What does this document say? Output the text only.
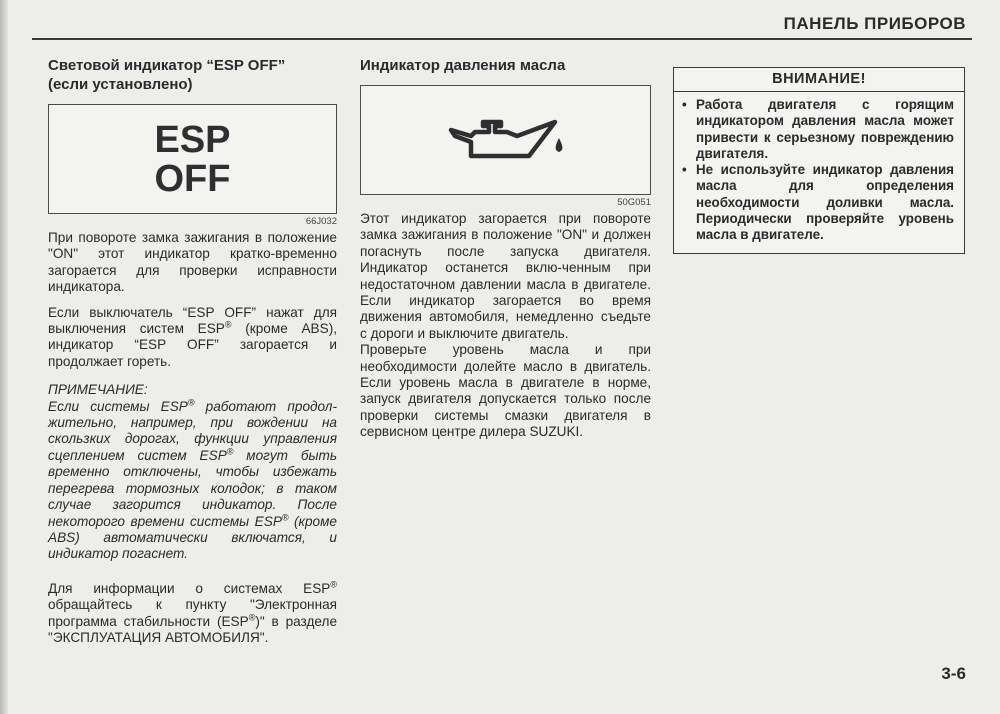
ПАНЕЛЬ ПРИБОРОВ
Световой индикатор “ESP OFF”
(если установлено)
ESP
OFF
66J032

При повороте замка зажигания в положение "ON" этот индикатор кратко-временно загорается для проверки исправности индикатора.

Если выключатель “ESP OFF” нажат для выключения систем ESP® (кроме ABS), индикатор “ESP OFF” загорается и продолжает гореть.

ПРИМЕЧАНИЕ:

Если системы ESP® работают продол-жительно, например, при вождении на скользких дорогах, функции управления сцеплением систем ESP® могут быть временно отключены, чтобы избежать перегрева тормозных колодок; в таком случае загорится индикатор. После некоторого времени системы ESP® (кроме ABS) автоматически включатся, и индикатор погаснет.

Для информации о системах ESP® обращайтесь к пункту "Электронная программа стабильности (ESP®)" в разделе "ЭКСПЛУАТАЦИЯ АВТОМОБИЛЯ".

Индикатор давления масла
50G051

Этот индикатор загорается при повороте замка зажигания в положение "ON" и должен погаснуть после запуска двигателя. Индикатор останется вклю-ченным при недостаточном давлении масла в двигателе. Если индикатор загорается во время движения автомобиля, немедленно съедьте с дороги и выключите двигатель.

Проверьте уровень масла и при необходимости долейте масло в двигатель. Если уровень масла в двигателе в норме, запуск двигателя допускается только после проверки системы смазки двигателя в сервисном центре дилера SUZUKI.

ВНИМАНИЕ!
• Работа двигателя с горящим индикатором давления масла может привести к серьезному повреждению двигателя.
• Не используйте индикатор давления масла для определения необходимости доливки масла. Периодически проверяйте уровень масла в двигателе.
3-6
